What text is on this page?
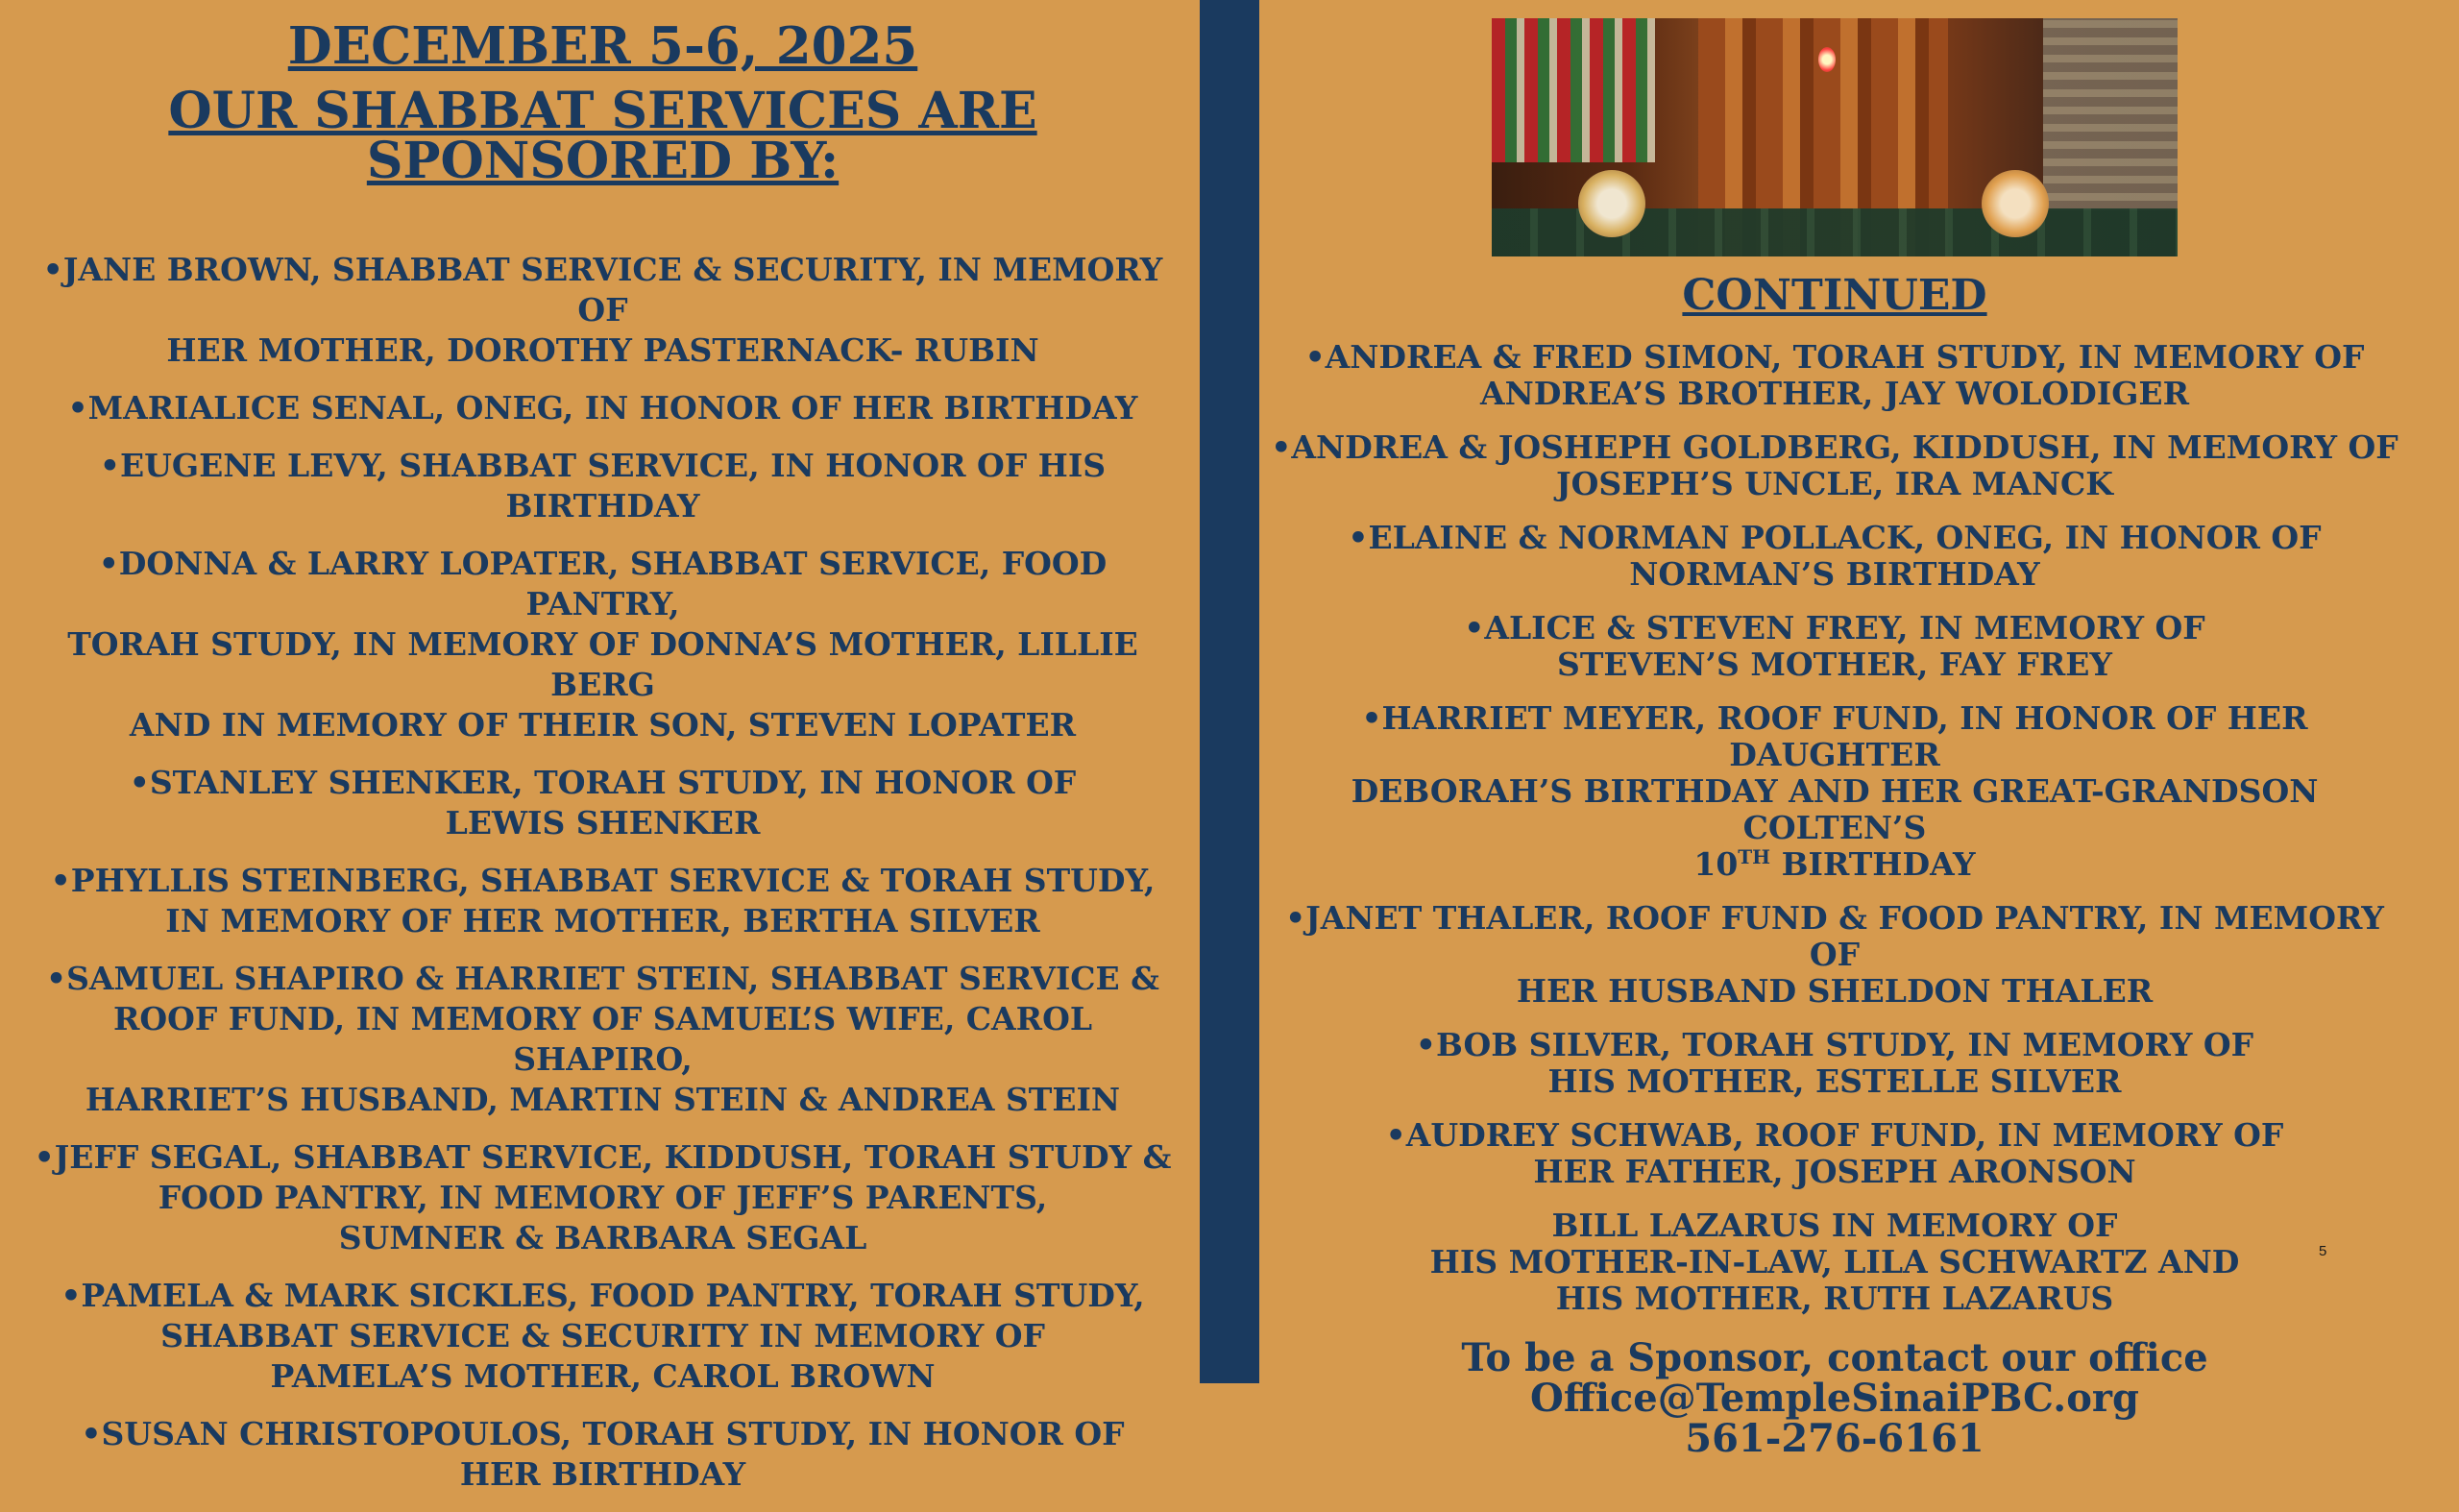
DECEMBER 5-6, 2025
OUR SHABBAT SERVICES ARE
SPONSORED BY:
•JANE BROWN, SHABBAT SERVICE & SECURITY, IN MEMORY OF
HER MOTHER, DOROTHY PASTERNACK- RUBIN
•MARIALICE SENAL, ONEG, IN HONOR OF HER BIRTHDAY
•EUGENE LEVY, SHABBAT SERVICE, IN HONOR OF HIS
BIRTHDAY
•DONNA & LARRY LOPATER, SHABBAT SERVICE, FOOD PANTRY,
TORAH STUDY, IN MEMORY OF DONNA’S MOTHER, LILLIE BERG
AND IN MEMORY OF THEIR SON, STEVEN LOPATER
•STANLEY SHENKER, TORAH STUDY, IN HONOR OF
LEWIS SHENKER
•PHYLLIS STEINBERG, SHABBAT SERVICE & TORAH STUDY,
IN MEMORY OF HER MOTHER, BERTHA SILVER
•SAMUEL SHAPIRO & HARRIET STEIN, SHABBAT SERVICE &
ROOF FUND, IN MEMORY OF SAMUEL’S WIFE, CAROL SHAPIRO,
HARRIET’S HUSBAND, MARTIN STEIN & ANDREA STEIN
•JEFF SEGAL, SHABBAT SERVICE, KIDDUSH, TORAH STUDY &
FOOD PANTRY, IN MEMORY OF JEFF’S PARENTS,
SUMNER & BARBARA SEGAL
•PAMELA & MARK SICKLES, FOOD PANTRY, TORAH STUDY,
SHABBAT SERVICE & SECURITY IN MEMORY OF
PAMELA’S MOTHER, CAROL BROWN
•SUSAN CHRISTOPOULOS, TORAH STUDY, IN HONOR OF
HER BIRTHDAY
CONTINUED
•ANDREA & FRED SIMON, TORAH STUDY, IN MEMORY OF
ANDREA’S BROTHER, JAY WOLODIGER
•ANDREA & JOSHEPH GOLDBERG, KIDDUSH, IN MEMORY OF
JOSEPH’S UNCLE, IRA MANCK
•ELAINE & NORMAN POLLACK, ONEG, IN HONOR OF
NORMAN’S BIRTHDAY
•ALICE & STEVEN FREY, IN MEMORY OF
STEVEN’S MOTHER, FAY FREY
•HARRIET MEYER, ROOF FUND, IN HONOR OF HER DAUGHTER
DEBORAH’S BIRTHDAY AND HER GREAT-GRANDSON COLTEN’S
10TH BIRTHDAY
•JANET THALER, ROOF FUND & FOOD PANTRY, IN MEMORY OF
HER HUSBAND SHELDON THALER
•BOB SILVER, TORAH STUDY, IN MEMORY OF
HIS MOTHER, ESTELLE SILVER
•AUDREY SCHWAB, ROOF FUND, IN MEMORY OF
HER FATHER, JOSEPH ARONSON
BILL LAZARUS IN MEMORY OF
HIS MOTHER-IN-LAW, LILA SCHWARTZ AND
HIS MOTHER, RUTH LAZARUS
To be a Sponsor, contact our office
Office@TempleSinaiPBC.org
561-276-6161
5
